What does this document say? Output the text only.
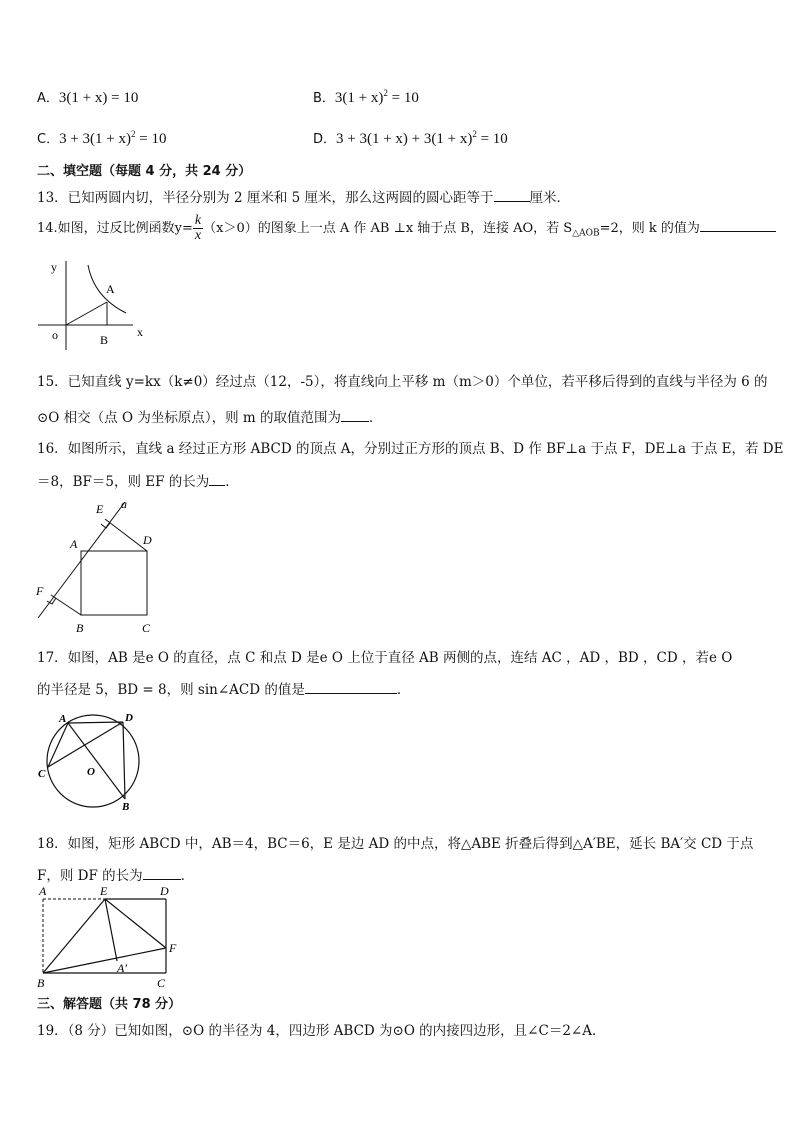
A．3(1 + x) = 10	B．$3(1 + x)^2 = 10$
C．$3 + 3(1 + x)^2 = 10$	D．$3 + 3(1 + x) + 3(1 + x)^2 = 10$
二、填空题（每题 4 分，共 24 分）
13．已知两圆内切，半径分别为 2 厘米和 5 厘米，那么这两圆的圆心距等于	厘米．
14.如图，过反比例函数$y= \frac{k}{x} (x>0)$的图象上一点 A 作 AB ⊥x 轴于点 B，连接 AO，若 $S_{\triangle AOB}=2$，则 k 的值为
y
x
o
A
B
15．已知直线 y=kx（k≠0）经过点（12，-5），将直线向上平移 m（m＞0）个单位，若平移后得到的直线与半径为 6 的
⊙O 相交（点 O 为坐标原点），则 m 的取值范围为 ．
16．如图所示，直线 a 经过正方形 ABCD 的顶点 A，分别过正方形的顶点 B、D 作 BF⊥a 于点 F，DE⊥a 于点 E，若 DE
＝8，BF＝5，则 EF 的长为 ．
E a
A	D
F
B	C
17．如图，AB 是e O 的直径，点 C 和点 D 是e O 上位于直径 AB 两侧的点，连结 AC ，AD ，BD ，CD ，若e O
的半径是 5，BD = 8，则 sin∠ACD 的值是	．
A	D
C	O
B
18．如图，矩形 ABCD 中，AB＝4，BC＝6，E 是边 AD 的中点，将△ABE 折叠后得到△A′BE，延长 BA′交 CD 于点
F，则 DF 的长为	．
A	E	D
F
A′
B	C
三、解答题（共 78 分）
19．（8 分）已知如图，⊙O 的半径为 4，四边形 ABCD 为⊙O 的内接四边形，且∠C＝2∠A．
